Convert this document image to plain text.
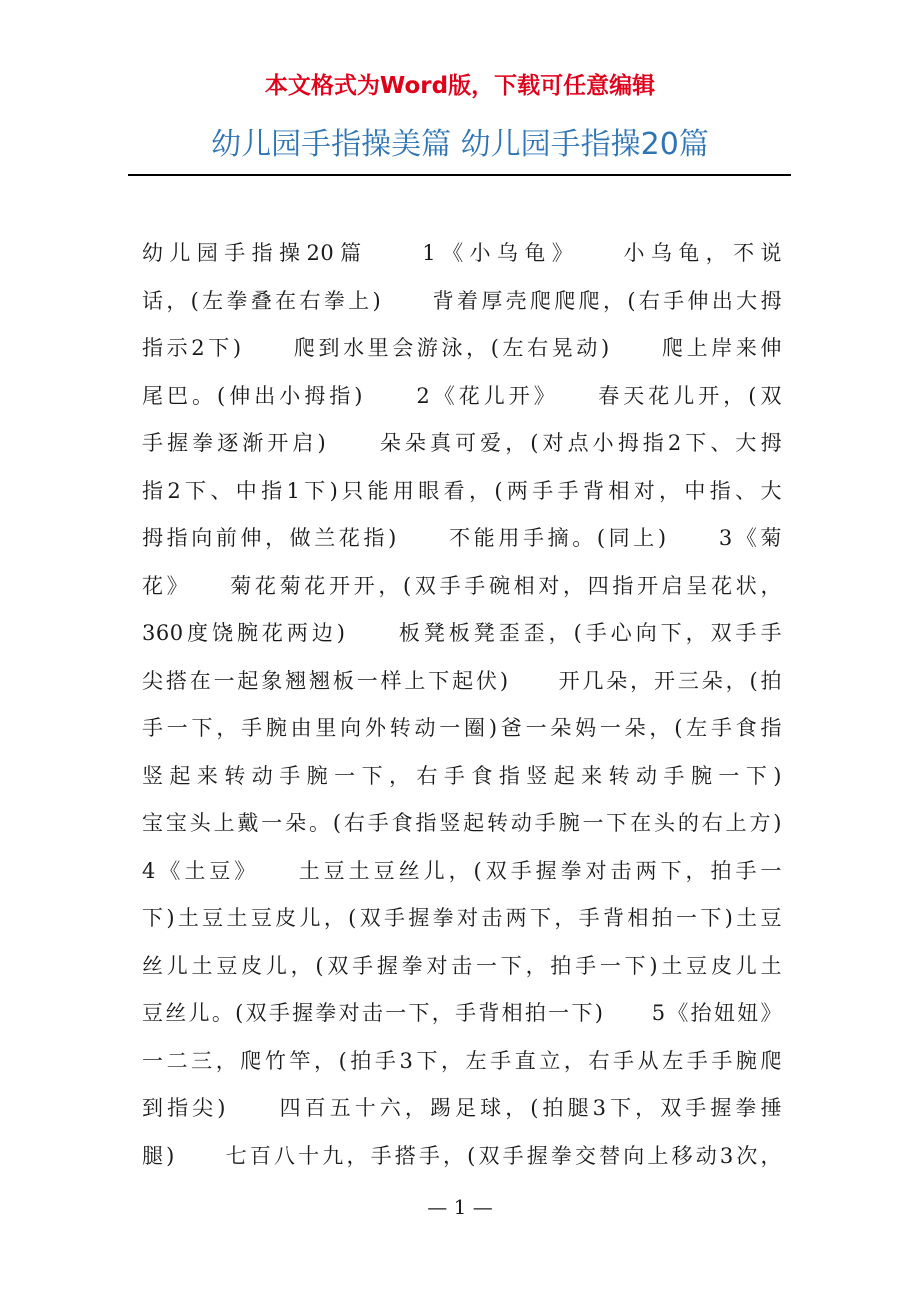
本文格式为Word版，下载可任意编辑
幼儿园手指操美篇 幼儿园手指操20篇
幼儿园手指操20篇　　1《小乌龟》　　小乌龟，不说
话，(左拳叠在右拳上)　　背着厚壳爬爬爬，(右手伸出大拇
指示2下)　　爬到水里会游泳，(左右晃动)　　爬上岸来伸
尾巴。(伸出小拇指)　　2《花儿开》　　春天花儿开，(双
手握拳逐渐开启)　　朵朵真可爱，(对点小拇指2下、大拇
指2下、中指1下)只能用眼看，(两手手背相对，中指、大
拇指向前伸，做兰花指)　　不能用手摘。(同上)　　3《菊
花》　　菊花菊花开开，(双手手碗相对，四指开启呈花状，
360度饶腕花两边)　　板凳板凳歪歪，(手心向下，双手手
尖搭在一起象翘翘板一样上下起伏)　　开几朵，开三朵，(拍
手一下，手腕由里向外转动一圈)爸一朵妈一朵，(左手食指
竖起来转动手腕一下，右手食指竖起来转动手腕一下)
宝宝头上戴一朵。(右手食指竖起转动手腕一下在头的右上方)
4《土豆》　　土豆土豆丝儿，(双手握拳对击两下，拍手一
下)土豆土豆皮儿，(双手握拳对击两下，手背相拍一下)土豆
丝儿土豆皮儿，(双手握拳对击一下，拍手一下)土豆皮儿土
豆丝儿。(双手握拳对击一下，手背相拍一下)　　5《抬妞妞》
一二三，爬竹竿，(拍手3下，左手直立，右手从左手手腕爬
到指尖)　　四百五十六，踢足球，(拍腿3下，双手握拳捶
腿)　　七百八十九，手搭手，(双手握拳交替向上移动3次，
— 1 —
